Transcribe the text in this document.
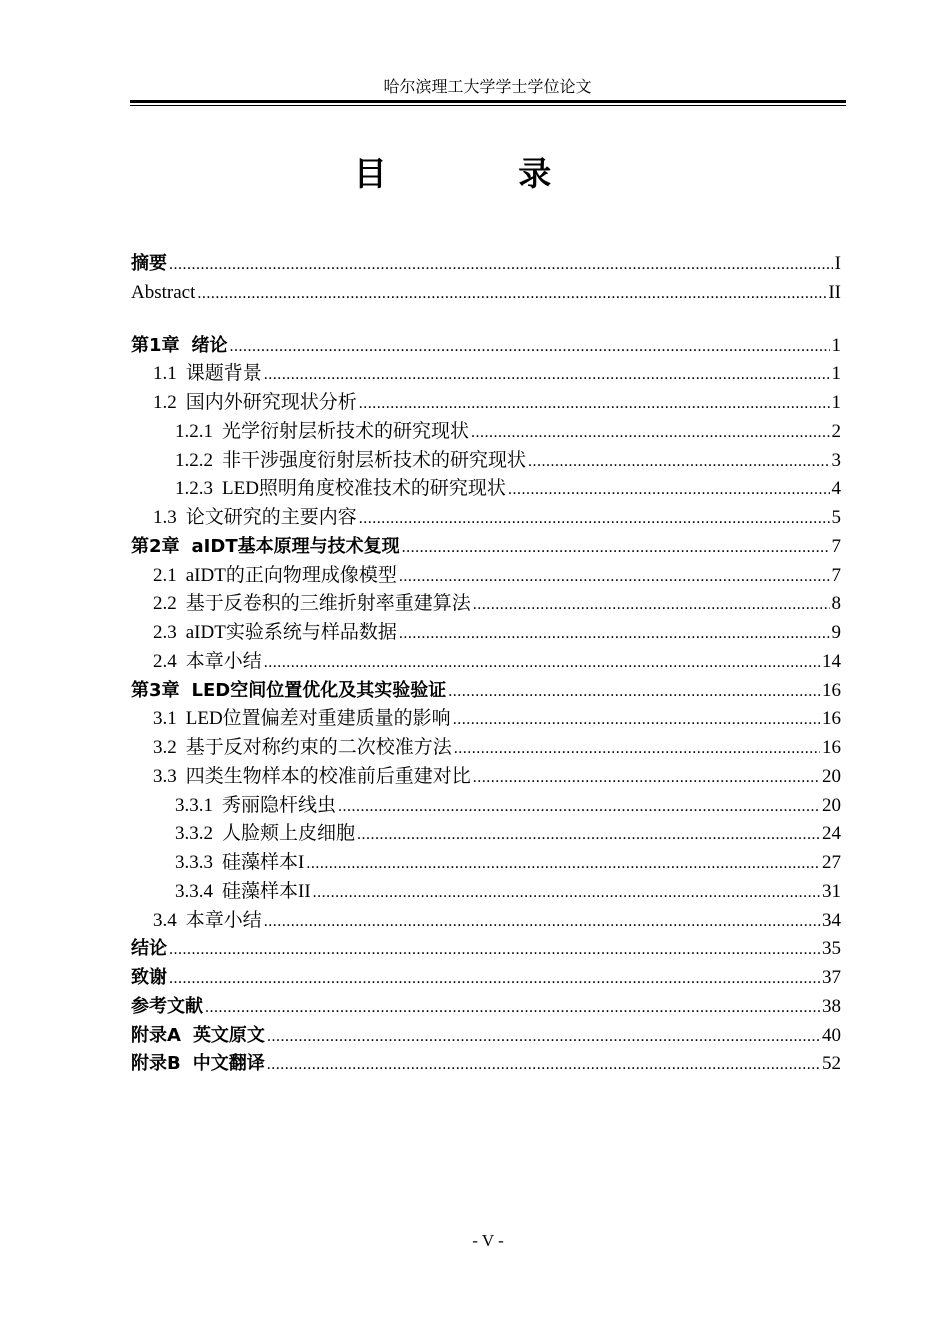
哈尔滨理工大学学士学位论文
目 录
摘要 .....	I
Abstract .....	II
第1章 绪论 .....	1
1.1 课题背景 .....	1
1.2 国内外研究现状分析 .....	1
1.2.1 光学衍射层析技术的研究现状 .....	2
1.2.2 非干涉强度衍射层析技术的研究现状 .....	3
1.2.3 LED照明角度校准技术的研究现状 .....	4
1.3 论文研究的主要内容 .....	5
第2章 aIDT基本原理与技术复现 .....	7
2.1 aIDT的正向物理成像模型 .....	7
2.2 基于反卷积的三维折射率重建算法 .....	8
2.3 aIDT实验系统与样品数据 .....	9
2.4 本章小结 .....	14
第3章 LED空间位置优化及其实验验证 .....	16
3.1 LED位置偏差对重建质量的影响 .....	16
3.2 基于反对称约束的二次校准方法 .....	16
3.3 四类生物样本的校准前后重建对比 .....	20
3.3.1 秀丽隐杆线虫 .....	20
3.3.2 人脸颊上皮细胞 .....	24
3.3.3 硅藻样本I .....	27
3.3.4 硅藻样本II .....	31
3.4 本章小结 .....	34
结论 .....	35
致谢 .....	37
参考文献 .....	38
附录A 英文原文 .....	40
附录B 中文翻译 .....	52
- V -
